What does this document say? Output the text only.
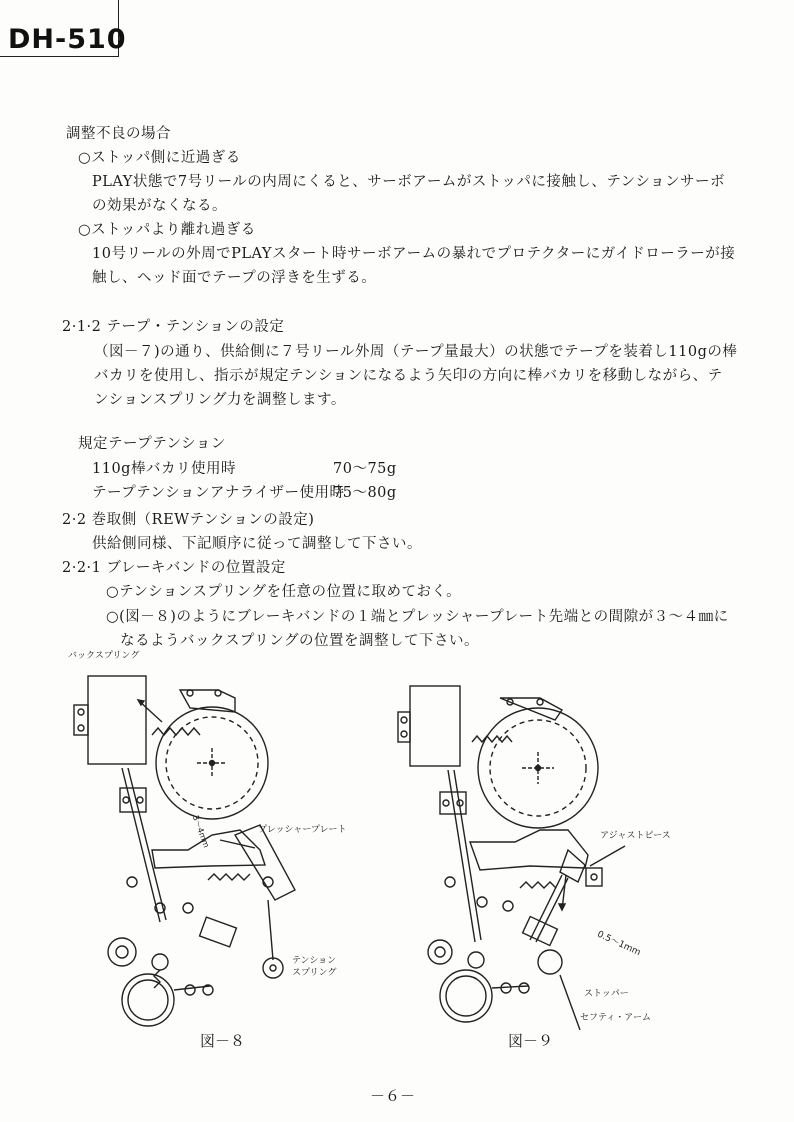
DH-510
調整不良の場合
○ストッパ側に近過ぎる
PLAY状態で7号リールの内周にくると、サーボアームがストッパに接触し、テンションサーボ
の効果がなくなる。
○ストッパより離れ過ぎる
10号リールの外周でPLAYスタート時サーボアームの暴れでプロテクターにガイドローラーが接
触し、ヘッド面でテープの浮きを生ずる。
2·1·2 テープ・テンションの設定
（図－７)の通り、供給側に７号リール外周（テープ量最大）の状態でテープを装着し110gの棒
バカリを使用し、指示が規定テンションになるよう矢印の方向に棒バカリを移動しながら、テ
ンションスプリング力を調整します。
規定テープテンション
110g棒バカリ使用時	70～75g
テープテンションアナライザー使用時
75～80g
2·2 巻取側（REWテンションの設定)
供給側同様、下記順序に従って調整して下さい。
2·2·1 ブレーキバンドの位置設定
○テンションスプリングを任意の位置に取めておく。
○(図－８)のようにブレーキバンドの１端とプレッシャープレート先端との間隙が３～４㎜に
なるようバックスプリングの位置を調整して下さい。
バックスプリング
プレッシャープレート
テンション
スプリング
3～4mm
図－８
アジャストピース
0.5～1mm
ストッパー
セフティ・アーム
図－９
－６－
